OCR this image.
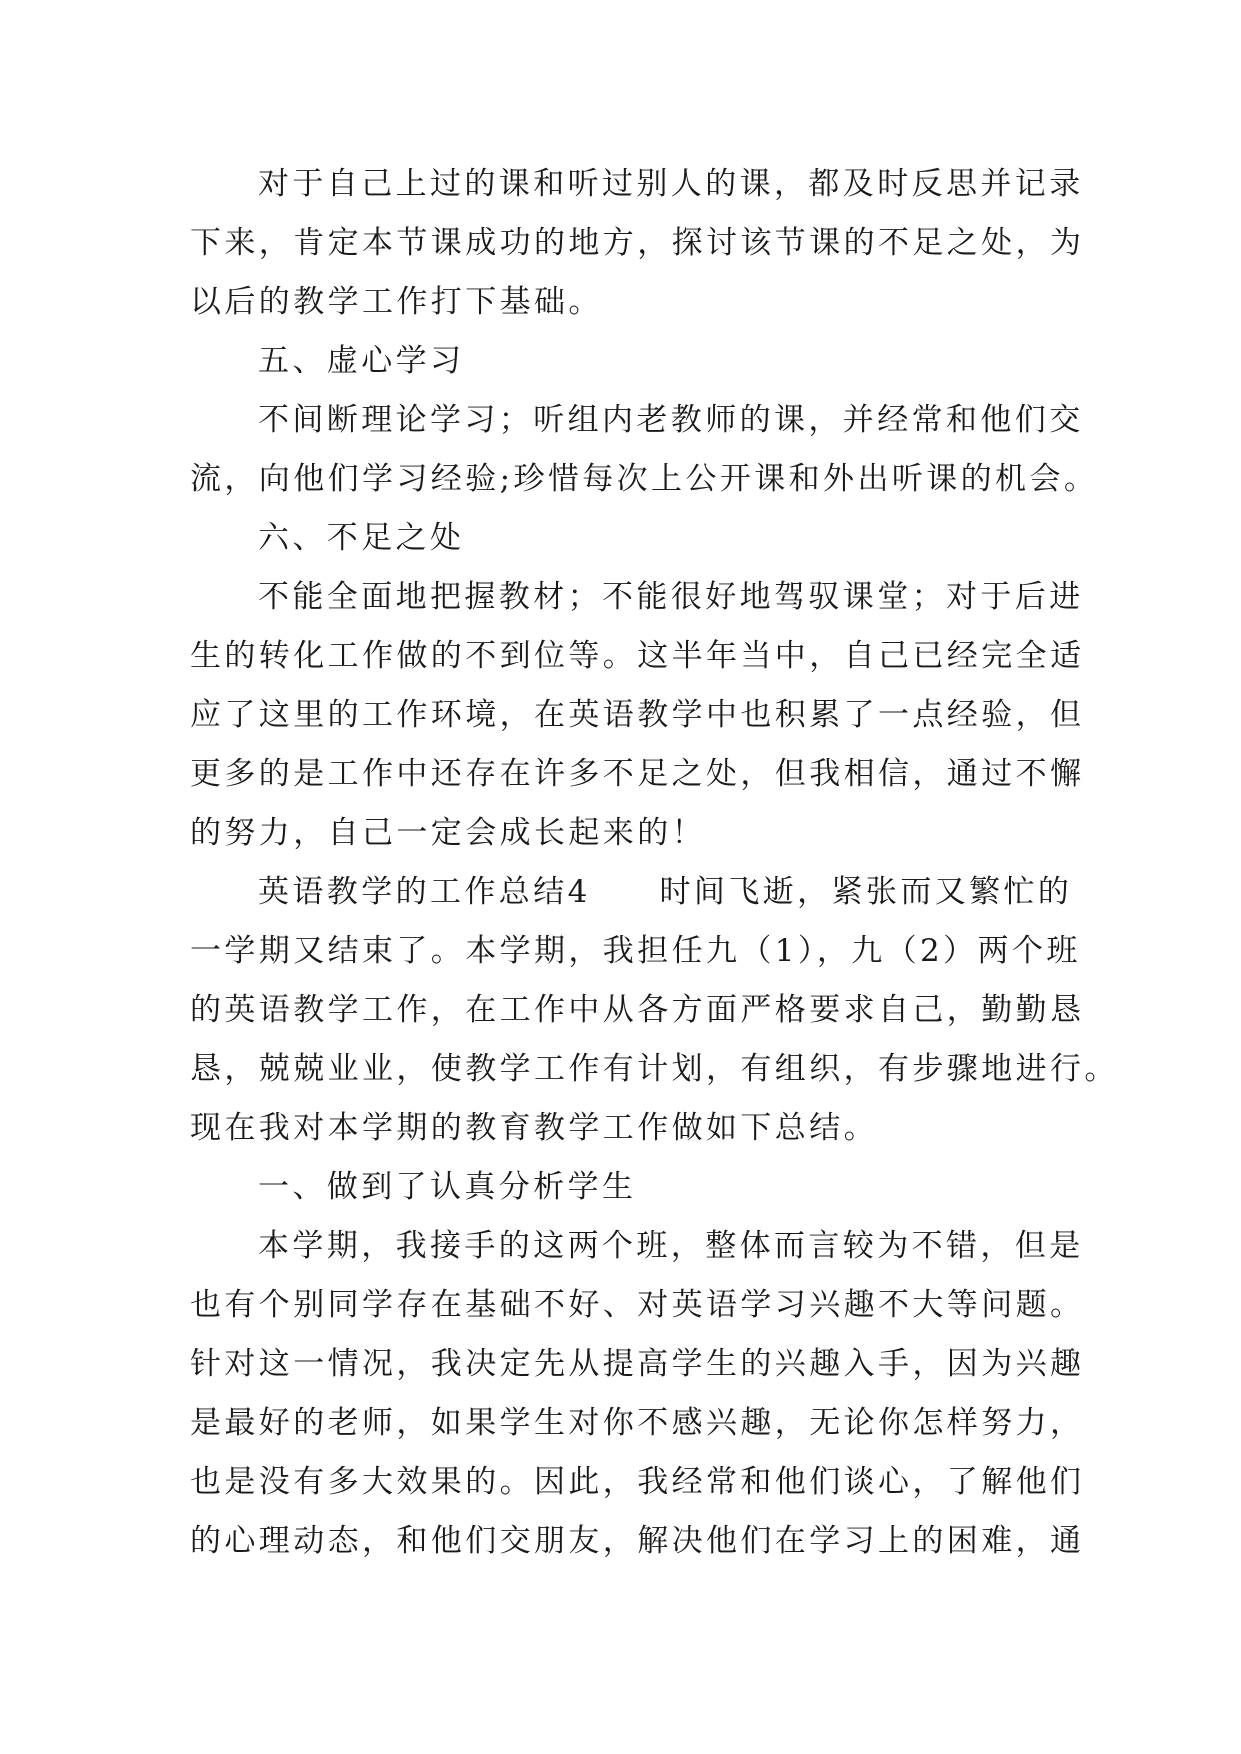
对于自己上过的课和听过别人的课，都及时反思并记录
下来，肯定本节课成功的地方，探讨该节课的不足之处，为
以后的教学工作打下基础。
五、虚心学习
不间断理论学习；听组内老教师的课，并经常和他们交
流，向他们学习经验;珍惜每次上公开课和外出听课的机会。
六、不足之处
不能全面地把握教材；不能很好地驾驭课堂；对于后进
生的转化工作做的不到位等。这半年当中，自己已经完全适
应了这里的工作环境，在英语教学中也积累了一点经验，但
更多的是工作中还存在许多不足之处，但我相信，通过不懈
的努力，自己一定会成长起来的！
英语教学的工作总结4　　时间飞逝，紧张而又繁忙的
一学期又结束了。本学期，我担任九（1），九（2）两个班
的英语教学工作，在工作中从各方面严格要求自己，勤勤恳
恳，兢兢业业，使教学工作有计划，有组织，有步骤地进行。
现在我对本学期的教育教学工作做如下总结。
一、做到了认真分析学生
本学期，我接手的这两个班，整体而言较为不错，但是
也有个别同学存在基础不好、对英语学习兴趣不大等问题。
针对这一情况，我决定先从提高学生的兴趣入手，因为兴趣
是最好的老师，如果学生对你不感兴趣，无论你怎样努力，
也是没有多大效果的。因此，我经常和他们谈心，了解他们
的心理动态，和他们交朋友，解决他们在学习上的困难，通
